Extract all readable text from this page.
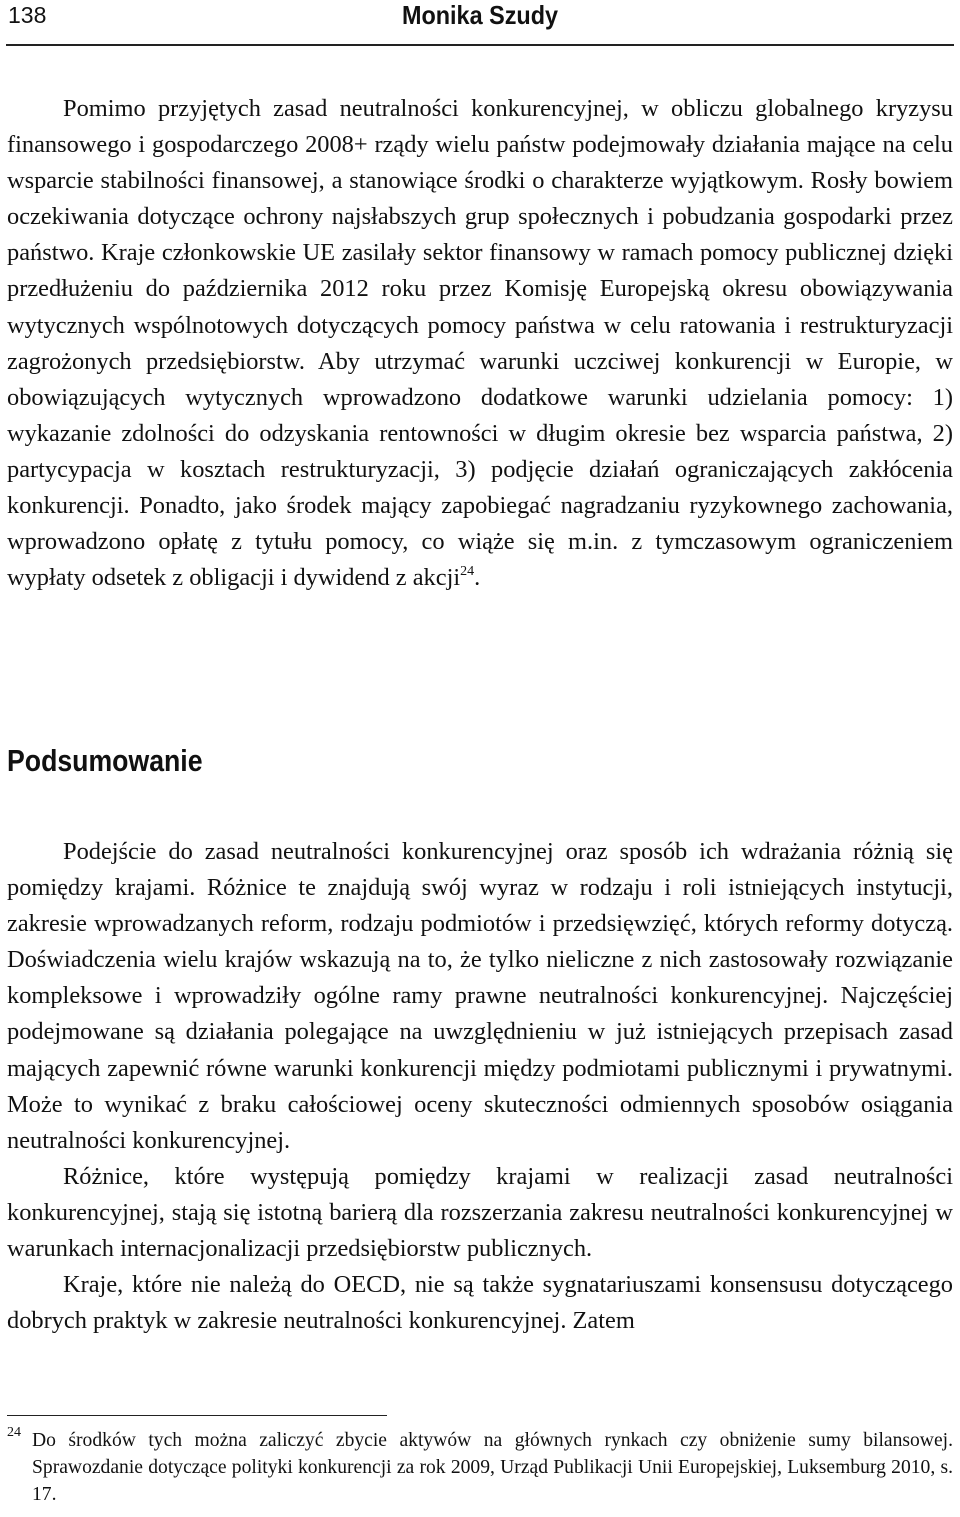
138	Monika Szudy

Pomimo przyjętych zasad neutralności konkurencyjnej, w obliczu globalnego kryzysu finansowego i gospodarczego 2008+ rządy wielu państw podejmowały działania mające na celu wsparcie stabilności finansowej, a stanowiące środki o charakterze wyjątkowym. Rosły bowiem oczekiwania dotyczące ochrony najsłabszych grup społecznych i pobudzania gospodarki przez państwo. Kraje członkowskie UE zasilały sektor finansowy w ramach pomocy publicznej dzięki przedłużeniu do października 2012 roku przez Komisję Europejską okresu obowiązywania wytycznych wspólnotowych dotyczących pomocy państwa w celu ratowania i restrukturyzacji zagrożonych przedsiębiorstw. Aby utrzymać warunki uczciwej konkurencji w Europie, w obowiązujących wytycznych wprowadzono dodatkowe warunki udzielania pomocy: 1) wykazanie zdolności do odzyskania rentowności w długim okresie bez wsparcia państwa, 2) partycypacja w kosztach restrukturyzacji, 3) podjęcie działań ograniczających zakłócenia konkurencji. Ponadto, jako środek mający zapobiegać nagradzaniu ryzykownego zachowania, wprowadzono opłatę z tytułu pomocy, co wiąże się m.in. z tymczasowym ograniczeniem wypłaty odsetek z obligacji i dywidend z akcji$^{24}$.

Podsumowanie

Podejście do zasad neutralności konkurencyjnej oraz sposób ich wdrażania różnią się pomiędzy krajami. Różnice te znajdują swój wyraz w rodzaju i roli istniejących instytucji, zakresie wprowadzanych reform, rodzaju podmiotów i przedsięwzięć, których reformy dotyczą. Doświadczenia wielu krajów wskazują na to, że tylko nieliczne z nich zastosowały rozwiązanie kompleksowe i wprowadziły ogólne ramy prawne neutralności konkurencyjnej. Najczęściej podejmowane są działania polegające na uwzględnieniu w już istniejących przepisach zasad mających zapewnić równe warunki konkurencji między podmiotami publicznymi i prywatnymi. Może to wynikać z braku całościowej oceny skuteczności odmiennych sposobów osiągania neutralności konkurencyjnej.

Różnice, które występują pomiędzy krajami w realizacji zasad neutralności konkurencyjnej, stają się istotną barierą dla rozszerzania zakresu neutralności konkurencyjnej w warunkach internacjonalizacji przedsiębiorstw publicznych.

Kraje, które nie należą do OECD, nie są także sygnatariuszami konsensusu dotyczącego dobrych praktyk w zakresie neutralności konkurencyjnej. Zatem

24 Do środków tych można zaliczyć zbycie aktywów na głównych rynkach czy obniżenie sumy bilansowej. Sprawozdanie dotyczące polityki konkurencji za rok 2009, Urząd Publikacji Unii Europejskiej, Luksemburg 2010, s. 17.
